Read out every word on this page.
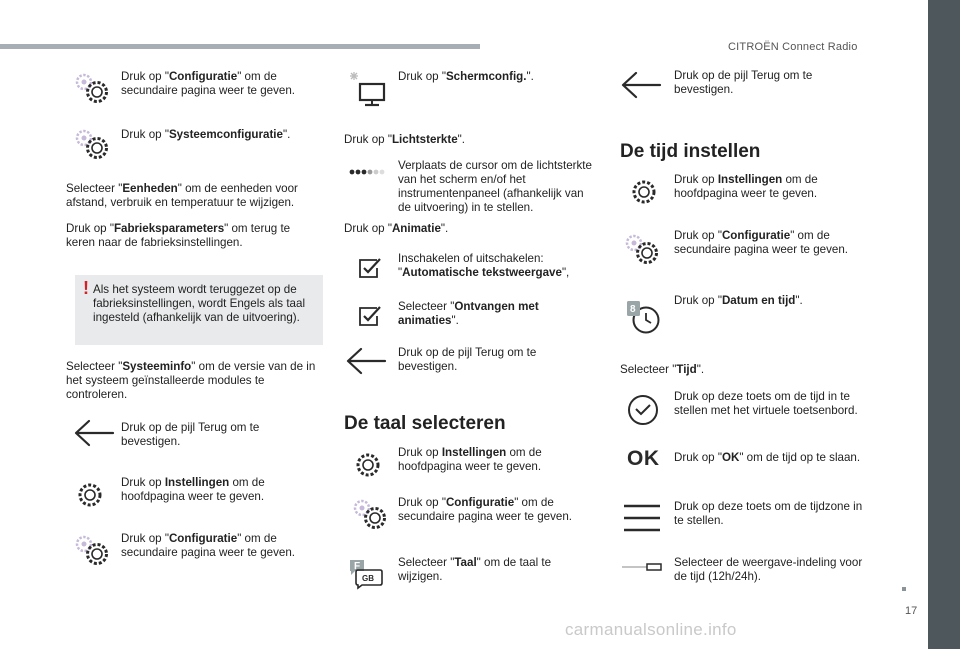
CITROËN Connect Radio
17
carmanualsonline.info
Druk op "Configuratie" om de secundaire pagina weer te geven.
Druk op "Systeemconfiguratie".
Selecteer "Eenheden" om de eenheden voor afstand, verbruik en temperatuur te wijzigen.
Druk op "Fabrieksparameters" om terug te keren naar de fabrieksinstellingen.
! Als het systeem wordt teruggezet op de fabrieksinstellingen, wordt Engels als taal ingesteld (afhankelijk van de uitvoering).
Selecteer "Systeeminfo" om de versie van de in het systeem geïnstalleerde modules te controleren.
Druk op de pijl Terug om te bevestigen.
Druk op Instellingen om de hoofdpagina weer te geven.
Druk op "Configuratie" om de secundaire pagina weer te geven.
Druk op "Schermconfig.".
Druk op "Lichtsterkte".
Verplaats de cursor om de lichtsterkte van het scherm en/of het instrumentenpaneel (afhankelijk van de uitvoering) in te stellen.
Druk op "Animatie".
Inschakelen of uitschakelen: "Automatische tekstweergave",
Selecteer "Ontvangen met animaties".
Druk op de pijl Terug om te bevestigen.
De taal selecteren
Druk op Instellingen om de hoofdpagina weer te geven.
Druk op "Configuratie" om de secundaire pagina weer te geven.
F
GB
Selecteer "Taal" om de taal te wijzigen.
Druk op de pijl Terug om te bevestigen.
De tijd instellen
Druk op Instellingen om de hoofdpagina weer te geven.
Druk op "Configuratie" om de secundaire pagina weer te geven.
8
Druk op "Datum en tijd".
Selecteer "Tijd".
Druk op deze toets om de tijd in te stellen met het virtuele toetsenbord.
OK Druk op "OK" om de tijd op te slaan.
Druk op deze toets om de tijdzone in te stellen.
Selecteer de weergave-indeling voor de tijd (12h/24h).
